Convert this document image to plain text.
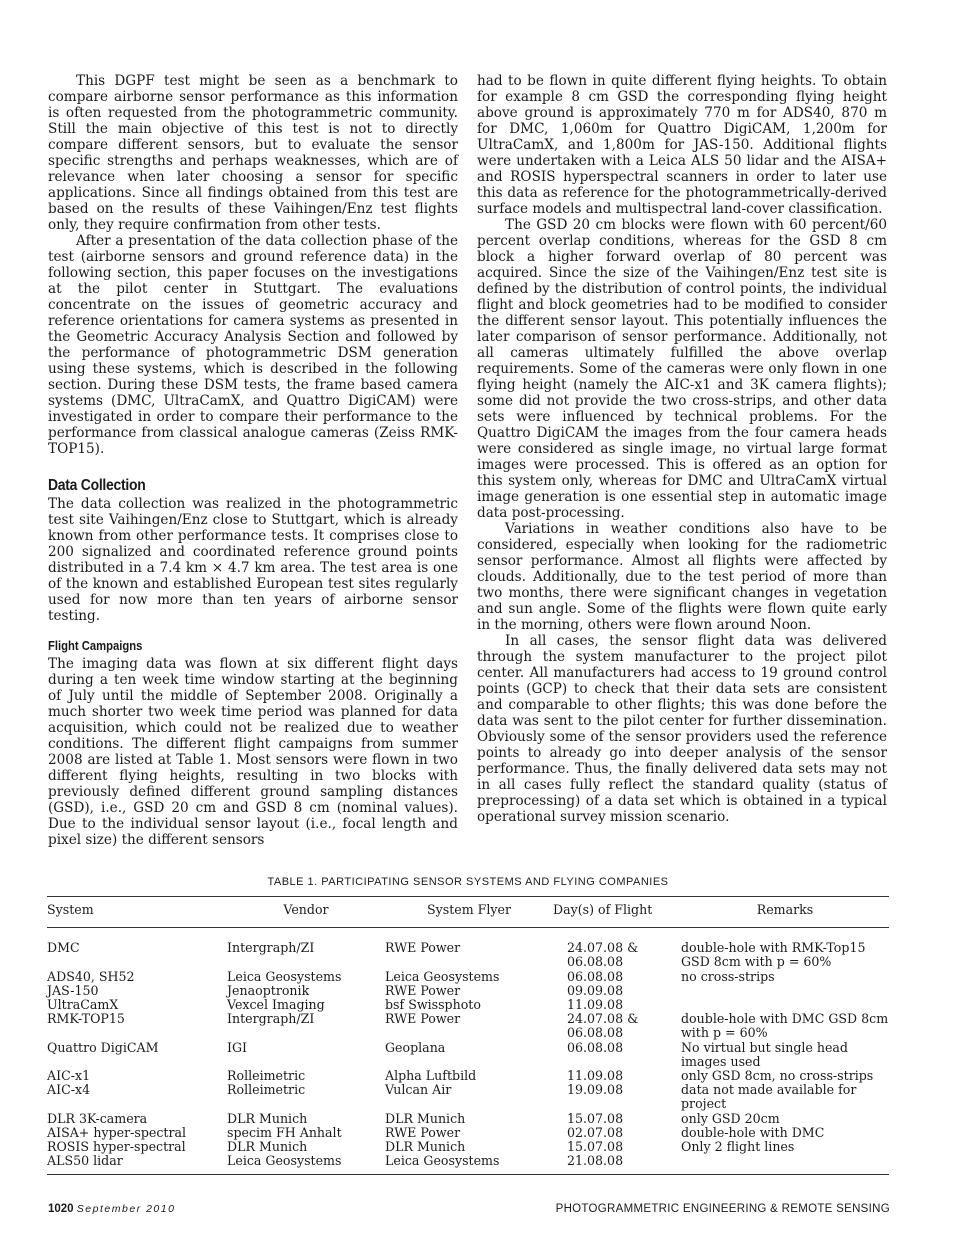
This DGPF test might be seen as a benchmark to compare airborne sensor performance as this information is often requested from the photogrammetric community. Still the main objective of this test is not to directly compare different sensors, but to evaluate the sensor specific strengths and perhaps weaknesses, which are of relevance when later choosing a sensor for specific applications. Since all findings obtained from this test are based on the results of these Vaihingen/Enz test flights only, they require confirmation from other tests.

After a presentation of the data collection phase of the test (airborne sensors and ground reference data) in the following section, this paper focuses on the investigations at the pilot center in Stuttgart. The evaluations concentrate on the issues of geometric accuracy and reference orientations for camera systems as presented in the Geometric Accuracy Analysis Section and followed by the performance of photogrammetric DSM generation using these systems, which is described in the following section. During these DSM tests, the frame based camera systems (DMC, UltraCamX, and Quattro DigiCAM) were investigated in order to compare their performance to the performance from classical analogue cameras (Zeiss RMK-TOP15).

Data Collection

The data collection was realized in the photogrammetric test site Vaihingen/Enz close to Stuttgart, which is already known from other performance tests. It comprises close to 200 signalized and coordinated reference ground points distributed in a 7.4 km × 4.7 km area. The test area is one of the known and established European test sites regularly used for now more than ten years of airborne sensor testing.

Flight Campaigns

The imaging data was flown at six different flight days during a ten week time window starting at the beginning of July until the middle of September 2008. Originally a much shorter two week time period was planned for data acquisition, which could not be realized due to weather conditions. The different flight campaigns from summer 2008 are listed at Table 1. Most sensors were flown in two different flying heights, resulting in two blocks with previously defined different ground sampling distances (GSD), i.e., GSD 20 cm and GSD 8 cm (nominal values). Due to the individual sensor layout (i.e., focal length and pixel size) the different sensors

had to be flown in quite different flying heights. To obtain for example 8 cm GSD the corresponding flying height above ground is approximately 770 m for ADS40, 870 m for DMC, 1,060m for Quattro DigiCAM, 1,200m for UltraCamX, and 1,800m for JAS-150. Additional flights were undertaken with a Leica ALS 50 lidar and the AISA+ and ROSIS hyperspectral scanners in order to later use this data as reference for the photogrammetrically-derived surface models and multispectral land-cover classification.

The GSD 20 cm blocks were flown with 60 percent/60 percent overlap conditions, whereas for the GSD 8 cm block a higher forward overlap of 80 percent was acquired. Since the size of the Vaihingen/Enz test site is defined by the distribution of control points, the individual flight and block geometries had to be modified to consider the different sensor layout. This potentially influences the later comparison of sensor performance. Additionally, not all cameras ultimately fulfilled the above overlap requirements. Some of the cameras were only flown in one flying height (namely the AIC-x1 and 3K camera flights); some did not provide the two cross-strips, and other data sets were influenced by technical problems. For the Quattro DigiCAM the images from the four camera heads were considered as single image, no virtual large format images were processed. This is offered as an option for this system only, whereas for DMC and UltraCamX virtual image generation is one essential step in automatic image data post-processing.

Variations in weather conditions also have to be considered, especially when looking for the radiometric sensor performance. Almost all flights were affected by clouds. Additionally, due to the test period of more than two months, there were significant changes in vegetation and sun angle. Some of the flights were flown quite early in the morning, others were flown around Noon.

In all cases, the sensor flight data was delivered through the system manufacturer to the project pilot center. All manufacturers had access to 19 ground control points (GCP) to check that their data sets are consistent and comparable to other flights; this was done before the data was sent to the pilot center for further dissemination. Obviously some of the sensor providers used the reference points to already go into deeper analysis of the sensor performance. Thus, the finally delivered data sets may not in all cases fully reflect the standard quality (status of preprocessing) of a data set which is obtained in a typical operational survey mission scenario.

TABLE 1. PARTICIPATING SENSOR SYSTEMS AND FLYING COMPANIES
System	Vendor	System Flyer	Day(s) of Flight	Remarks
DMC	Intergraph/ZI	RWE Power	24.07.08 & 06.08.08	double-hole with RMK-Top15 GSD 8cm with p = 60%
ADS40, SH52	Leica Geosystems	Leica Geosystems	06.08.08	no cross-strips
JAS-150	Jenaoptronik	RWE Power	09.09.08	
UltraCamX	Vexcel Imaging	bsf Swissphoto	11.09.08	
RMK-TOP15	Intergraph/ZI	RWE Power	24.07.08 & 06.08.08	double-hole with DMC GSD 8cm with p = 60%
Quattro DigiCAM	IGI	Geoplana	06.08.08	No virtual but single head images used
AIC-x1	Rolleimetric	Alpha Luftbild	11.09.08	only GSD 8cm, no cross-strips
AIC-x4	Rolleimetric	Vulcan Air	19.09.08	data not made available for project
DLR 3K-camera	DLR Munich	DLR Munich	15.07.08	only GSD 20cm
AISA+ hyper-spectral	specim FH Anhalt	RWE Power	02.07.08	double-hole with DMC
ROSIS hyper-spectral	DLR Munich	DLR Munich	15.07.08	Only 2 flight lines
ALS50 lidar	Leica Geosystems	Leica Geosystems	21.08.08	
1020 September 2010	PHOTOGRAMMETRIC ENGINEERING & REMOTE SENSING
